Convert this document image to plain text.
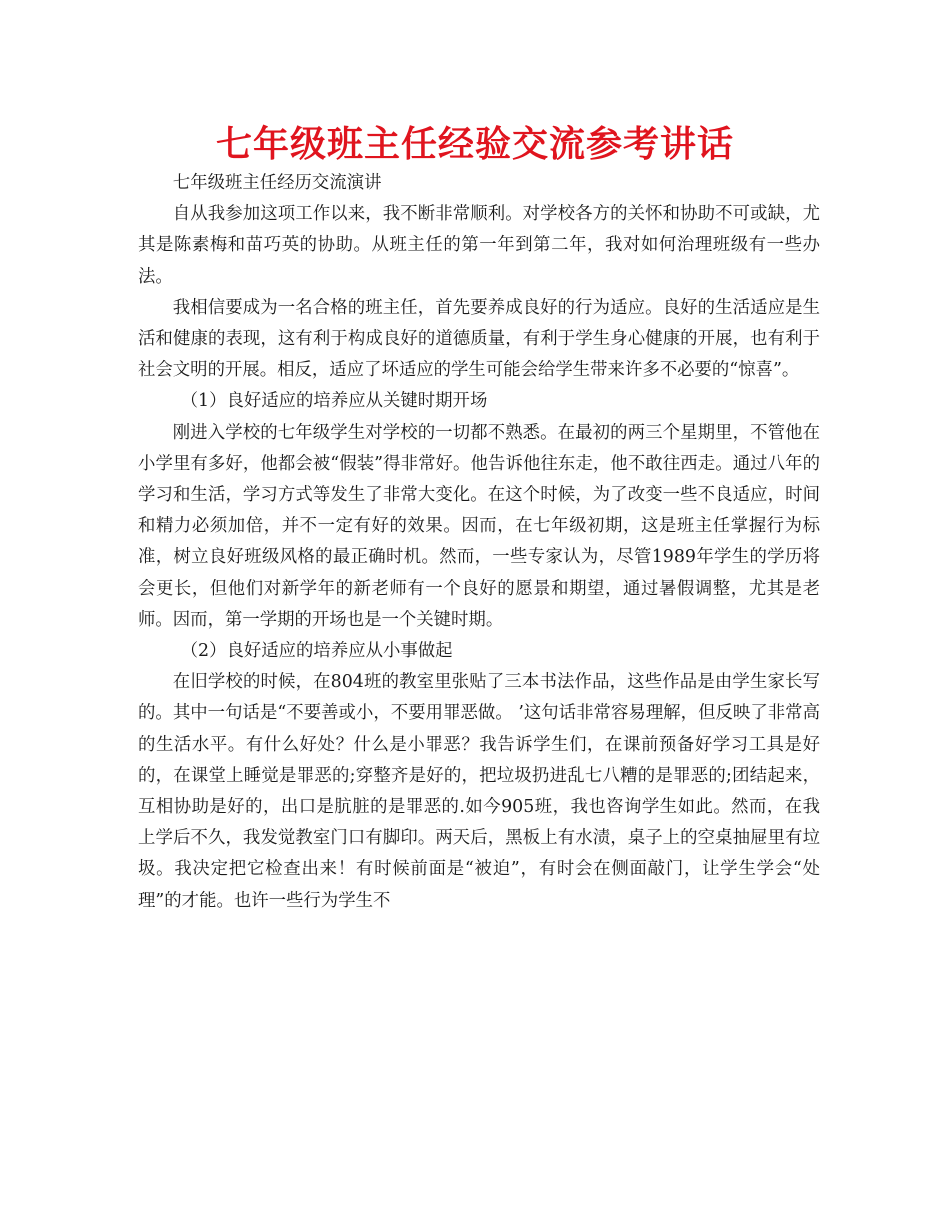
七年级班主任经验交流参考讲话

七年级班主任经历交流演讲

自从我参加这项工作以来，我不断非常顺利。对学校各方的关怀和协助不可或缺，尤其是陈素梅和苗巧英的协助。从班主任的第一年到第二年，我对如何治理班级有一些办法。

我相信要成为一名合格的班主任，首先要养成良好的行为适应。良好的生活适应是生活和健康的表现，这有利于构成良好的道德质量，有利于学生身心健康的开展，也有利于社会文明的开展。相反，适应了坏适应的学生可能会给学生带来许多不必要的“惊喜”。

（1）良好适应的培养应从关键时期开场

刚进入学校的七年级学生对学校的一切都不熟悉。在最初的两三个星期里，不管他在小学里有多好，他都会被“假装”得非常好。他告诉他往东走，他不敢往西走。通过八年的学习和生活，学习方式等发生了非常大变化。在这个时候，为了改变一些不良适应，时间和精力必须加倍，并不一定有好的效果。因而，在七年级初期，这是班主任掌握行为标准，树立良好班级风格的最正确时机。然而，一些专家认为，尽管1989年学生的学历将会更长，但他们对新学年的新老师有一个良好的愿景和期望，通过暑假调整，尤其是老师。因而，第一学期的开场也是一个关键时期。

（2）良好适应的培养应从小事做起

在旧学校的时候，在804班的教室里张贴了三本书法作品，这些作品是由学生家长写的。其中一句话是“不要善或小，不要用罪恶做。 ’这句话非常容易理解，但反映了非常高的生活水平。有什么好处？什么是小罪恶？我告诉学生们，在课前预备好学习工具是好的，在课堂上睡觉是罪恶的;穿整齐是好的，把垃圾扔进乱七八糟的是罪恶的;团结起来，互相协助是好的，出口是肮脏的是罪恶的.如今905班，我也咨询学生如此。然而，在我上学后不久，我发觉教室门口有脚印。两天后，黑板上有水渍，桌子上的空桌抽屉里有垃圾。我决定把它检查出来！有时候前面是“被迫”，有时会在侧面敲门，让学生学会“处理”的才能。也许一些行为学生不
